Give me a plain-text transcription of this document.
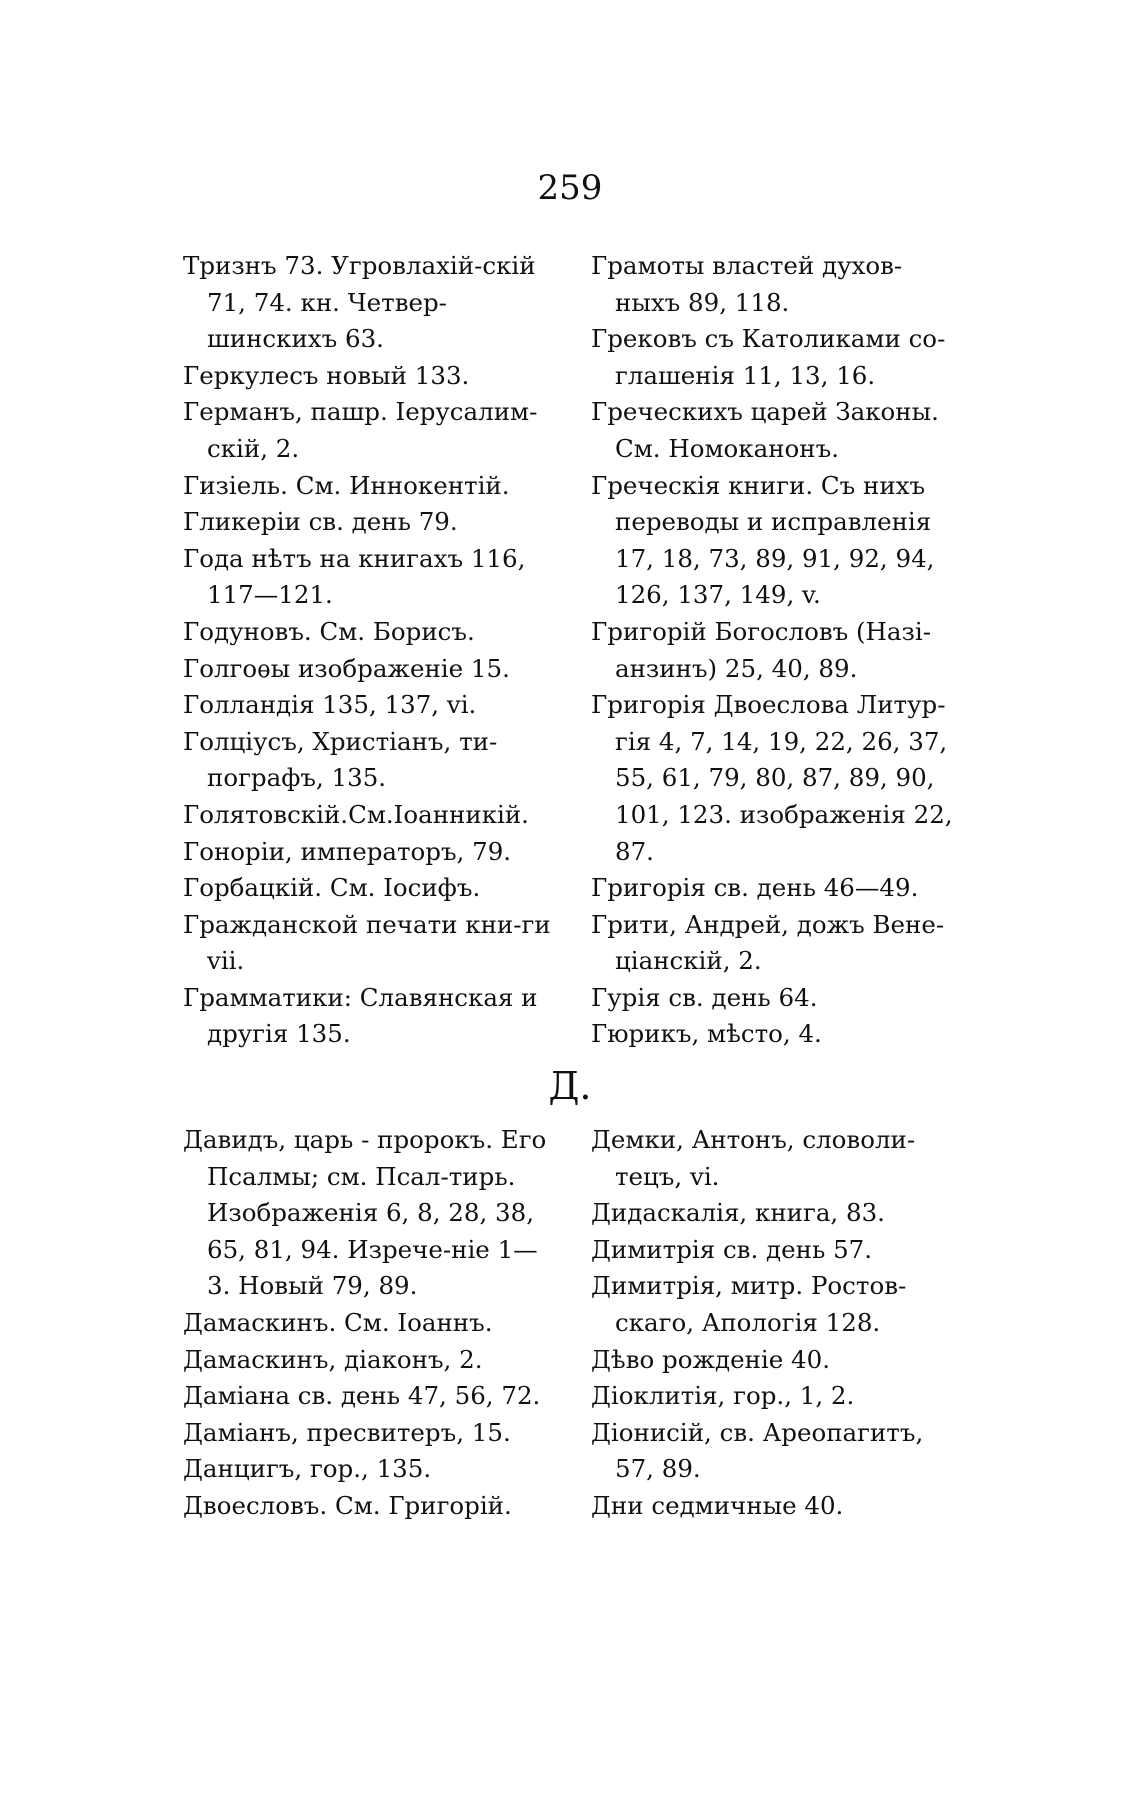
259

Тризнъ 73. Угровлахій-скій 71, 74. кн. Четвер-шинскихъ 63.

Геркулесъ новый 133.

Германъ, пашр. Іерусалим-скій, 2.

Гизіель. См. Иннокентій.

Гликеріи св. день 79.

Года нѣтъ на книгахъ 116, 117—121.

Годуновъ. См. Борисъ.

Голгоѳы изображеніе 15.

Голландія 135, 137, vi.

Голціусъ, Христіанъ, ти-пографъ, 135.

Голятовскій.См.Іоанникій.

Гоноріи, императоръ, 79.

Горбацкій. См. Іосифъ.

Гражданской печати кни-ги vii.

Грамматики: Славянская и другія 135.

Грамоты властей духов-ныхъ 89, 118.

Грековъ съ Католиками со-глашенія 11, 13, 16.

Греческихъ царей Законы. См. Номоканонъ.

Греческія книги. Съ нихъ переводы и исправленія 17, 18, 73, 89, 91, 92, 94, 126, 137, 149, v.

Григорій Богословъ (Назі-анзинъ) 25, 40, 89.

Григорія Двоеслова Литур-гія 4, 7, 14, 19, 22, 26, 37, 55, 61, 79, 80, 87, 89, 90, 101, 123. изображенія 22, 87.

Григорія св. день 46—49.

Грити, Андрей, дожъ Вене-ціанскій, 2.

Гурія св. день 64.

Гюрикъ, мѣсто, 4.

Д.

Давидъ, царь - пророкъ. Его Псалмы; см. Псал-тирь. Изображенія 6, 8, 28, 38, 65, 81, 94. Изрече-ніе 1—3. Новый 79, 89.

Дамаскинъ. См. Іоаннъ.

Дамаскинъ, діаконъ, 2.

Даміана св. день 47, 56, 72.

Даміанъ, пресвитеръ, 15.

Данцигъ, гор., 135.

Двоесловъ. См. Григорій.

Демки, Антонъ, словоли-тецъ, vi.

Дидаскалія, книга, 83.

Димитрія св. день 57.

Димитрія, митр. Ростов-скаго, Апологія 128.

Дѣво рожденіе 40.

Діоклитія, гор., 1, 2.

Діонисій, св. Ареопагитъ, 57, 89.

Дни седмичные 40.
